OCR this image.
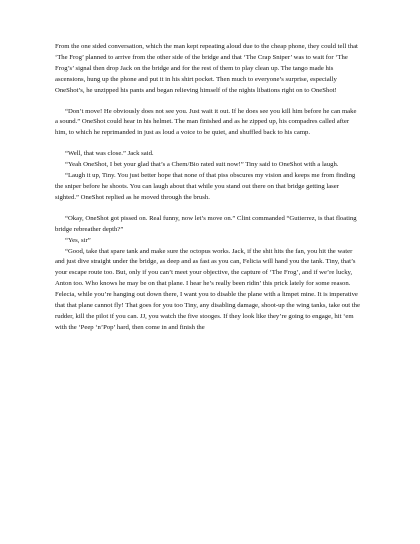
From the one sided conversation, which the man kept repeating aloud due to the cheap phone, they could tell that ‘The Frog’ planned to arrive from the other side of the bridge and that ‘The Crap Sniper’ was to wait for ‘The Frog’s’ signal then drop Jack on the bridge and for the rest of them to play clean up. The tango made his ascensions, hung up the phone and put it in his shirt pocket. Then much to everyone’s surprise, especially OneShot’s, he unzipped his pants and began relieving himself of the nights libations right on to OneShot!

“Don’t move! He obviously does not see you. Just wait it out. If he does see you kill him before he can make a sound.” OneShot could hear in his helmet. The man finished and as he zipped up, his compadres called after him, to which he reprimanded in just as loud a voice to be quiet, and shuffled back to his camp.

“Well, that was close.” Jack said.

“Yeah OneShot, I bet your glad that’s a Chem/Bio rated suit now!” Tiny said to OneShot with a laugh.

“Laugh it up, Tiny. You just better hope that none of that piss obscures my vision and keeps me from finding the sniper before he shoots. You can laugh about that while you stand out there on that bridge getting laser sighted.” OneShot replied as he moved through the brush.

“Okay, OneShot got pissed on. Real funny, now let’s move on.” Clint commanded “Gutierrez, is that floating bridge rebreather depth?”

“Yes, sir”

“Good, take that spare tank and make sure the octopus works. Jack, if the shit hits the fan, you hit the water and just dive straight under the bridge, as deep and as fast as you can, Felicia will hand you the tank. Tiny, that’s your escape route too. But, only if you can’t meet your objective, the capture of ‘The Frog’, and if we’re lucky, Anton too. Who knows he may be on that plane. I hear he’s really been ridin’ this prick lately for some reason. Felecia, while you’re hanging out down there, I want you to disable the plane with a limpet mine. It is imperative that that plane cannot fly! That goes for you too Tiny, any disabling damage, shoot-up the wing tanks, take out the rudder, kill the pilot if you can. JJ, you watch the five stooges. If they look like they’re going to engage, hit ‘em with the ‘Peep ‘n’Pop’ hard, then come in and finish the
